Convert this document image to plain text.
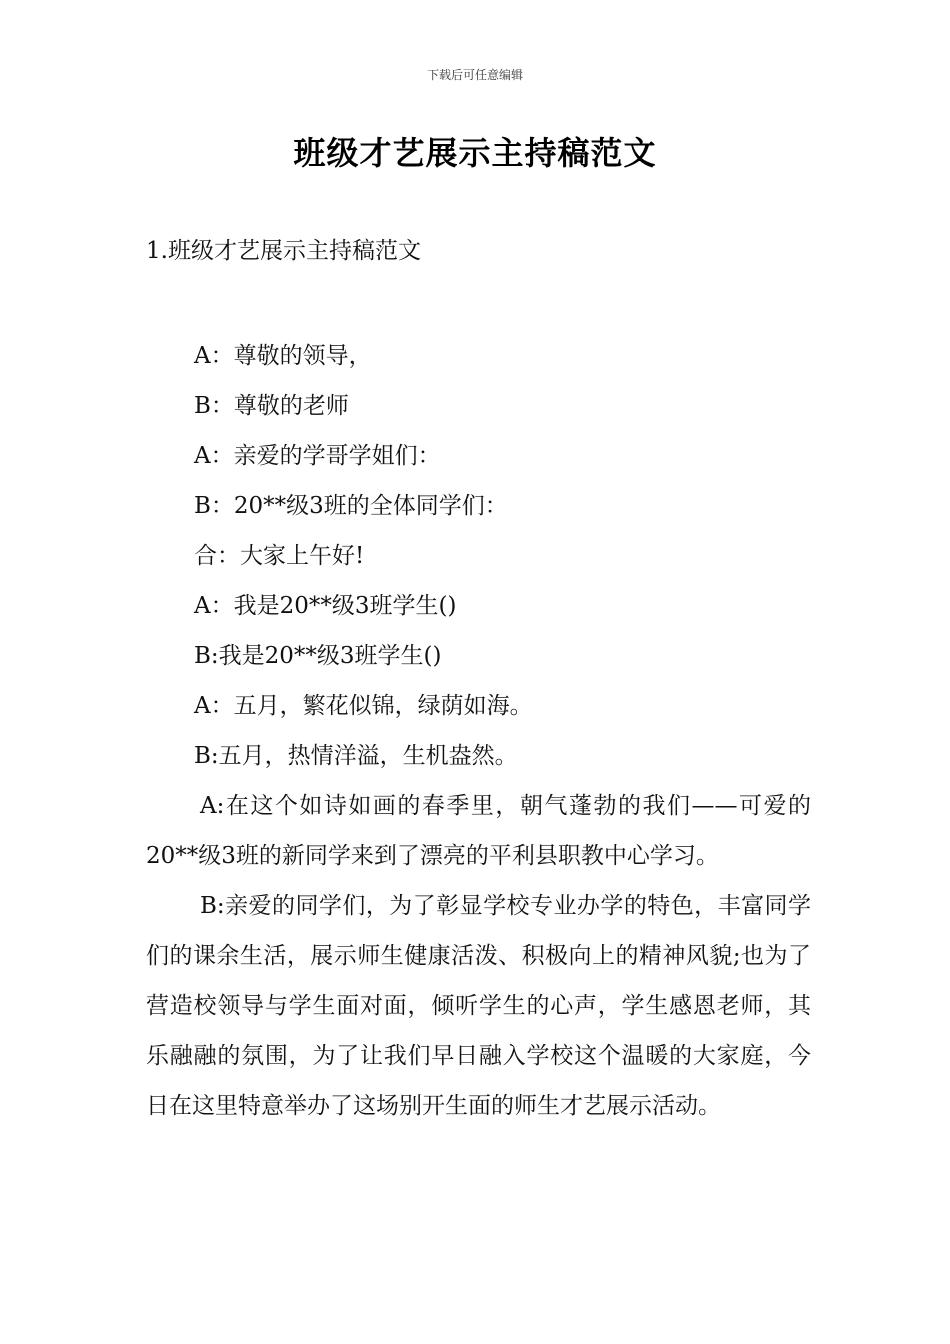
下载后可任意编辑
班级才艺展示主持稿范文
1.班级才艺展示主持稿范文
A：尊敬的领导，
B：尊敬的老师
A：亲爱的学哥学姐们：
B：20**级3班的全体同学们：
合：大家上午好!
A：我是20**级3班学生()
B:我是20**级3班学生()
A：五月，繁花似锦，绿荫如海。
B:五月，热情洋溢，生机盎然。

A:在这个如诗如画的春季里，朝气蓬勃的我们——可爱的20**级3班的新同学来到了漂亮的平利县职教中心学习。

B:亲爱的同学们，为了彰显学校专业办学的特色，丰富同学们的课余生活，展示师生健康活泼、积极向上的精神风貌;也为了营造校领导与学生面对面，倾听学生的心声，学生感恩老师，其乐融融的氛围，为了让我们早日融入学校这个温暖的大家庭，今日在这里特意举办了这场别开生面的师生才艺展示活动。
